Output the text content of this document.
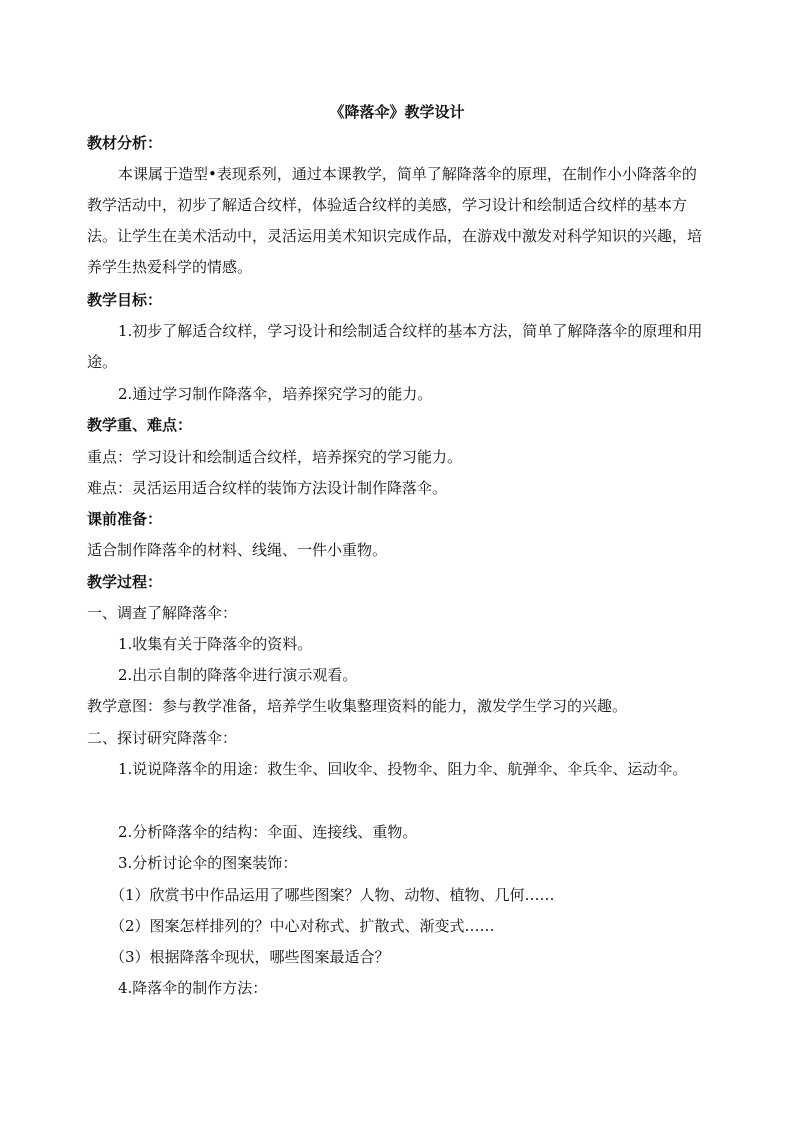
《降落伞》教学设计
教材分析：
本课属于造型•表现系列，通过本课教学，简单了解降落伞的原理，在制作小小降落伞的教学活动中，初步了解适合纹样，体验适合纹样的美感，学习设计和绘制适合纹样的基本方法。让学生在美术活动中，灵活运用美术知识完成作品，在游戏中激发对科学知识的兴趣，培养学生热爱科学的情感。
教学目标：
1.初步了解适合纹样，学习设计和绘制适合纹样的基本方法，简单了解降落伞的原理和用途。
2.通过学习制作降落伞，培养探究学习的能力。
教学重、难点：
重点：学习设计和绘制适合纹样，培养探究的学习能力。
难点：灵活运用适合纹样的装饰方法设计制作降落伞。
课前准备：
适合制作降落伞的材料、线绳、一件小重物。
教学过程：
一、调查了解降落伞：
1.收集有关于降落伞的资料。
2.出示自制的降落伞进行演示观看。
教学意图：参与教学准备，培养学生收集整理资料的能力，激发学生学习的兴趣。
二、探讨研究降落伞：
1.说说降落伞的用途：救生伞、回收伞、投物伞、阻力伞、航弹伞、伞兵伞、运动伞。
2.分析降落伞的结构：伞面、连接线、重物。
3.分析讨论伞的图案装饰：
（1）欣赏书中作品运用了哪些图案？人物、动物、植物、几何……
（2）图案怎样排列的？中心对称式、扩散式、渐变式……
（3）根据降落伞现状，哪些图案最适合？
4.降落伞的制作方法：
